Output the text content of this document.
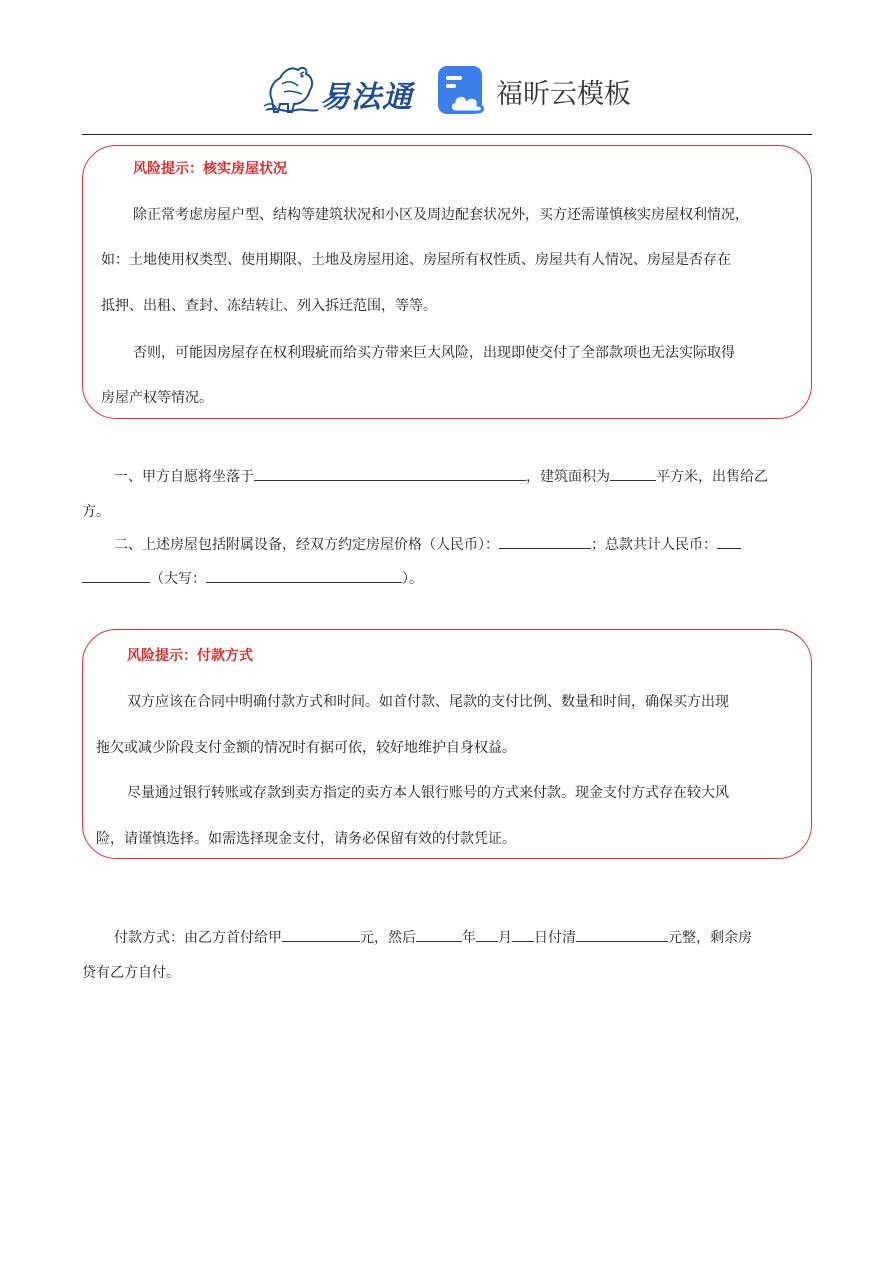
易法通	福昕云模板
风险提示：核实房屋状况
除正常考虑房屋户型、结构等建筑状况和小区及周边配套状况外，买方还需谨慎核实房屋权利情况，
如：土地使用权类型、使用期限、土地及房屋用途、房屋所有权性质、房屋共有人情况、房屋是否存在
抵押、出租、查封、冻结转让、列入拆迁范围，等等。
否则，可能因房屋存在权利瑕疵而给买方带来巨大风险，出现即使交付了全部款项也无法实际取得
房屋产权等情况。
一、甲方自愿将坐落于	，建筑面积为	平方米，出售给乙
方。
二、上述房屋包括附属设备，经双方约定房屋价格（人民币）：	；总款共计人民币：
（大写：	）。
风险提示：付款方式
双方应该在合同中明确付款方式和时间。如首付款、尾款的支付比例、数量和时间，确保买方出现
拖欠或减少阶段支付金额的情况时有据可依，较好地维护自身权益。
尽量通过银行转账或存款到卖方指定的卖方本人银行账号的方式来付款。现金支付方式存在较大风
险，请谨慎选择。如需选择现金支付，请务必保留有效的付款凭证。
付款方式：由乙方首付给甲	元，然后	年 月 日付清	元整，剩余房
贷有乙方自付。
